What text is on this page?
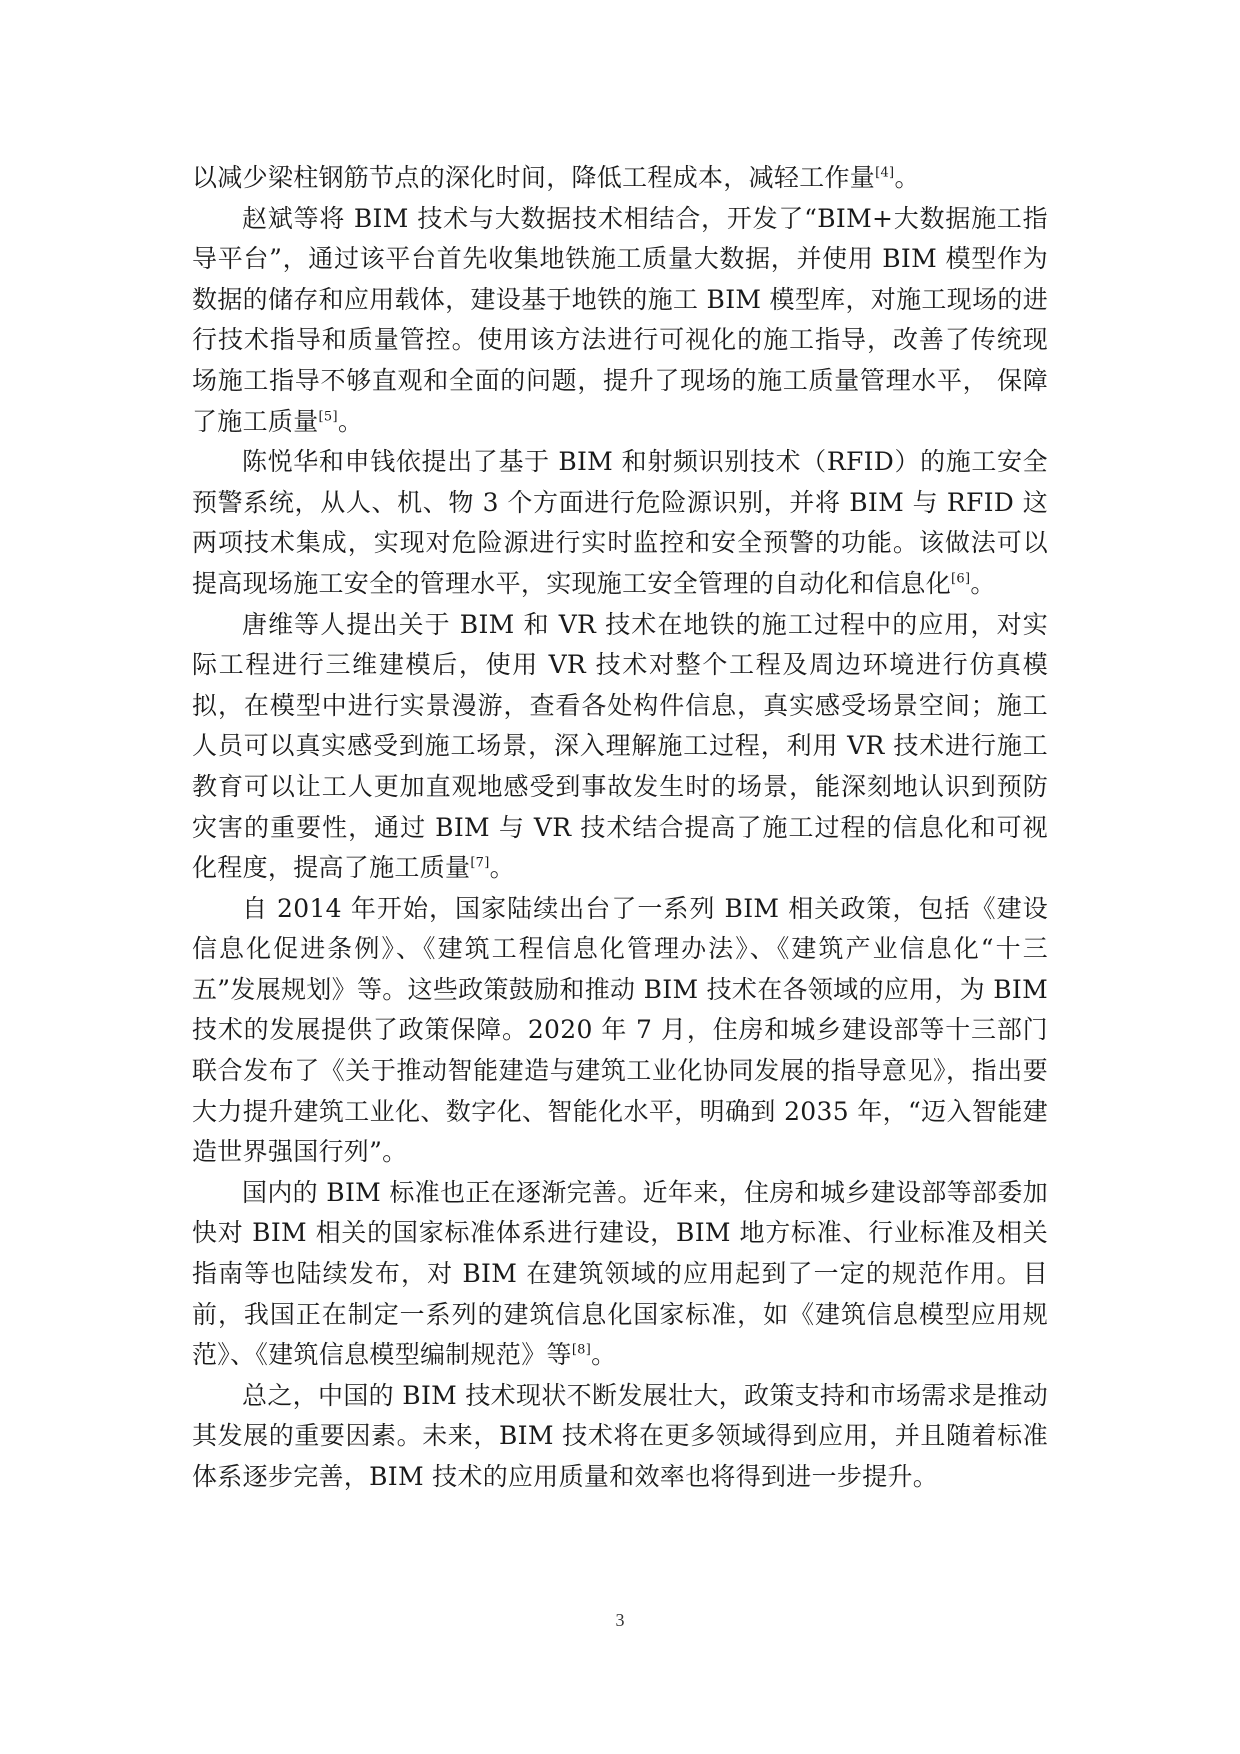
以减少梁柱钢筋节点的深化时间，降低工程成本，减轻工作量[4]。

赵斌等将 BIM 技术与大数据技术相结合，开发了“BIM+大数据施工指导平台”，通过该平台首先收集地铁施工质量大数据，并使用 BIM 模型作为数据的储存和应用载体，建设基于地铁的施工 BIM 模型库，对施工现场的进行技术指导和质量管控。使用该方法进行可视化的施工指导，改善了传统现场施工指导不够直观和全面的问题，提升了现场的施工质量管理水平， 保障了施工质量[5]。

陈悦华和申钱依提出了基于 BIM 和射频识别技术（RFID）的施工安全预警系统，从人、机、物 3 个方面进行危险源识别，并将 BIM 与 RFID 这两项技术集成，实现对危险源进行实时监控和安全预警的功能。该做法可以提高现场施工安全的管理水平，实现施工安全管理的自动化和信息化[6]。

唐维等人提出关于 BIM 和 VR 技术在地铁的施工过程中的应用，对实际工程进行三维建模后，使用 VR 技术对整个工程及周边环境进行仿真模拟，在模型中进行实景漫游，查看各处构件信息，真实感受场景空间；施工人员可以真实感受到施工场景，深入理解施工过程，利用 VR 技术进行施工教育可以让工人更加直观地感受到事故发生时的场景，能深刻地认识到预防灾害的重要性，通过 BIM 与 VR 技术结合提高了施工过程的信息化和可视化程度，提高了施工质量[7]。

自 2014 年开始，国家陆续出台了一系列 BIM 相关政策，包括《建设信息化促进条例》、《建筑工程信息化管理办法》、《建筑产业信息化“十三五”发展规划》等。这些政策鼓励和推动 BIM 技术在各领域的应用，为 BIM 技术的发展提供了政策保障。2020 年 7 月，住房和城乡建设部等十三部门联合发布了《关于推动智能建造与建筑工业化协同发展的指导意见》，指出要大力提升建筑工业化、数字化、智能化水平，明确到 2035 年，“迈入智能建造世界强国行列”。

国内的 BIM 标准也正在逐渐完善。近年来，住房和城乡建设部等部委加快对 BIM 相关的国家标准体系进行建设，BIM 地方标准、行业标准及相关指南等也陆续发布，对 BIM 在建筑领域的应用起到了一定的规范作用。目前，我国正在制定一系列的建筑信息化国家标准，如《建筑信息模型应用规范》、《建筑信息模型编制规范》等[8]。

总之，中国的 BIM 技术现状不断发展壮大，政策支持和市场需求是推动其发展的重要因素。未来，BIM 技术将在更多领域得到应用，并且随着标准体系逐步完善，BIM 技术的应用质量和效率也将得到进一步提升。

3
